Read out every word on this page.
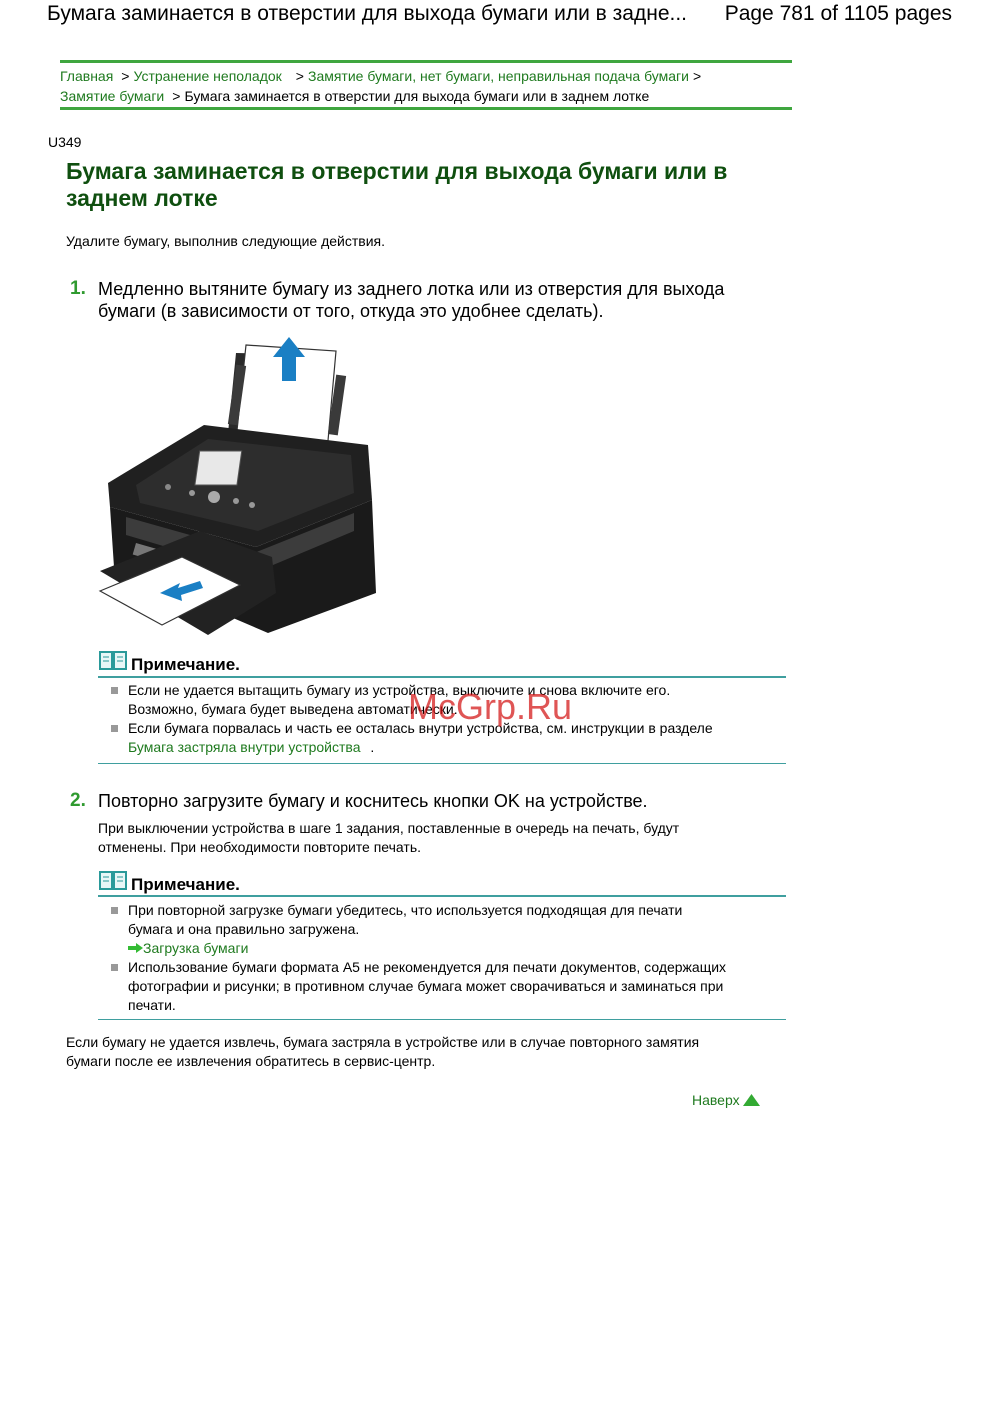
Бумага заминается в отверстии для выхода бумаги или в задне... Page 781 of 1105 pages
Главная > Устранение неполадок > Замятие бумаги, нет бумаги, неправильная подача бумаги >
Замятие бумаги > Бумага заминается в отверстии для выхода бумаги или в заднем лотке
U349
Бумага заминается в отверстии для выхода бумаги или в заднем лотке
Удалите бумагу, выполнив следующие действия.
1. Медленно вытяните бумагу из заднего лотка или из отверстия для выхода бумаги (в зависимости от того, откуда это удобнее сделать).
Примечание.
Если не удается вытащить бумагу из устройства, выключите и снова включите его. Возможно, бумага будет выведена автоматически.
Если бумага порвалась и часть ее осталась внутри устройства, см. инструкции в разделе
Бумага застряла внутри устройства .
2. Повторно загрузите бумагу и коснитесь кнопки OK на устройстве.
При выключении устройства в шаге 1 задания, поставленные в очередь на печать, будут отменены. При необходимости повторите печать.
Примечание.
При повторной загрузке бумаги убедитесь, что используется подходящая для печати бумага и она правильно загружена.
Загрузка бумаги
Использование бумаги формата A5 не рекомендуется для печати документов, содержащих фотографии и рисунки; в противном случае бумага может сворачиваться и заминаться при печати.
Если бумагу не удается извлечь, бумага застряла в устройстве или в случае повторного замятия бумаги после ее извлечения обратитесь в сервис-центр.
Наверх
McGrp.Ru
